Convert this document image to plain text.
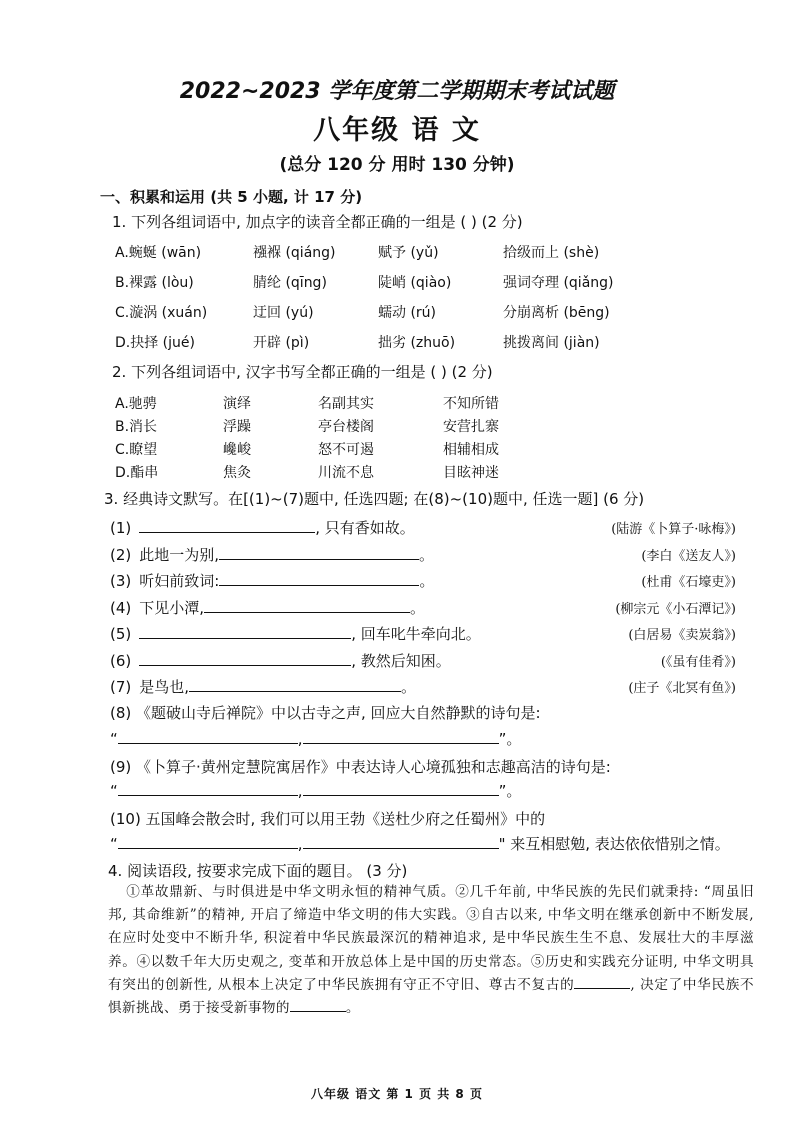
2022~2023 学年度第二学期期末考试试题
八年级 语 文
(总分 120 分 用时 130 分钟)
一、积累和运用 (共 5 小题, 计 17 分)
1. 下列各组词语中, 加点字的读音全都正确的一组是 ( ) (2 分)
A.蜿蜒 (wān)	襁褓 (qiáng)	赋予 (yǔ)	拾级而上 (shè)
B.裸露 (lòu)	腈纶 (qīng)	陡峭 (qiào)	强词夺理 (qiǎng)
C.漩涡 (xuán)	迂回 (yú)	蠕动 (rú)	分崩离析 (bēng)
D.抉择 (jué)	开辟 (pì)	拙劣 (zhuō)	挑拨离间 (jiàn)
2. 下列各组词语中, 汉字书写全都正确的一组是 ( ) (2 分)
A.驰骋	演绎	名副其实	不知所错
B.消长	浮躁	亭台楼阁	安营扎寨
C.瞭望	巉峻	怒不可遏	相辅相成
D.酯串	焦灸	川流不息	目眩神迷
3. 经典诗文默写。在[(1)~(7)题中, 任选四题; 在(8)~(10)题中, 任选一题] (6 分)
(1)	, 只有香如故。	(陆游《卜算子·咏梅》)
(2) 此地一为别,	。	(李白《送友人》)
(3) 听妇前致词:	。	(杜甫《石壕吏》)
(4) 下见小潭,	。	(柳宗元《小石潭记》)
(5)	, 回车叱牛牵向北。	(白居易《卖炭翁》)
(6)	, 教然后知困。	(《虽有佳肴》)
(7) 是鸟也,	。	(庄子《北冥有鱼》)
(8) 《题破山寺后禅院》中以古寺之声, 回应大自然静默的诗句是:
“	,	”。
(9) 《卜算子·黄州定慧院寓居作》中表达诗人心境孤独和志趣高洁的诗句是:
“	,	”。
(10) 五国峰会散会时, 我们可以用王勃《送杜少府之任蜀州》中的
“	,	" 来互相慰勉, 表达依依惜别之情。
4. 阅读语段, 按要求完成下面的题目。 (3 分)
①革故鼎新、与时俱进是中华文明永恒的精神气质。②几千年前, 中华民族的先民们就秉持: “周虽旧邦, 其命维新”的精神, 开启了缔造中华文明的伟大实践。③自古以来, 中华文明在继承创新中不断发展, 在应时处变中不断升华, 积淀着中华民族最深沉的精神追求, 是中华民族生生不息、发展壮大的丰厚滋养。④以数千年大历史观之, 变革和开放总体上是中国的历史常态。⑤历史和实践充分证明, 中华文明具有突出的创新性, 从根本上决定了中华民族拥有守正不守旧、尊古不复古的	, 决定了中华民族不惧新挑战、勇于接受新事物的	。
八年级 语文 第 1 页 共 8 页
